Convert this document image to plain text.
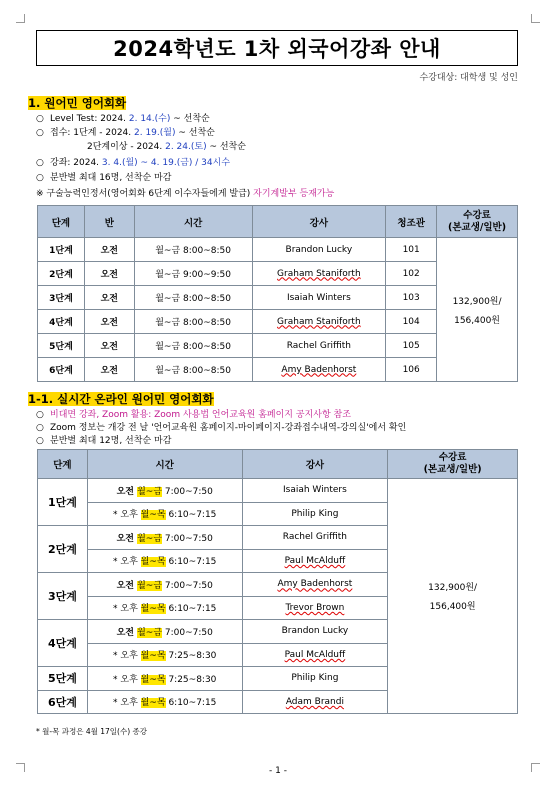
2024학년도 1차 외국어강좌 안내
수강대상: 대학생 및 성인
1. 원어민 영어회화
○ Level Test: 2024. 2. 14.(수) ~ 선착순
○ 접수: 1단계 - 2024. 2. 19.(월) ~ 선착순
2단계이상 - 2024. 2. 24.(토) ~ 선착순
○ 강좌: 2024. 3. 4.(월) ~ 4. 19.(금) / 34시수
○ 분반별 최대 16명, 선착순 마감
※ 구술능력인정서(영어회화 6단계 이수자들에게 발급) 자기계발부 등재가능
단계	반	시간	강사	청조관	수강료
(본교생/일반)
1단계	오전	월~금 8:00~8:50	Brandon Lucky	101	132,900원/
156,400원

2단계	오전	월~금 9:00~9:50	Graham Staniforth	102	
3단계	오전	월~금 8:00~8:50	Isaiah Winters	103	
4단계	오전	월~금 8:00~8:50	Graham Staniforth	104	
5단계	오전	월~금 8:00~8:50	Rachel Griffith	105	
6단계	오전	월~금 8:00~8:50	Amy Badenhorst	106	
1-1. 실시간 온라인 원어민 영어회화
○ 비대면 강좌, Zoom 활용: Zoom 사용법 언어교육원 홈페이지 공지사항 참조
○ Zoom 정보는 개강 전 날 '언어교육원 홈페이지-마이페이지-강좌접수내역-강의실'에서 확인
○ 분반별 최대 12명, 선착순 마감
단계	시간	강사	수강료
(본교생/일반)
1단계	오전 월~금 7:00~7:50	Isaiah Winters	132,900원/
156,400원

	* 오후 월~목 6:10~7:15	Philip King	
2단계	오전 월~금 7:00~7:50	Rachel Griffith	
	* 오후 월~목 6:10~7:15	Paul McAlduff	
3단계	오전 월~금 7:00~7:50	Amy Badenhorst	
	* 오후 월~목 6:10~7:15	Trevor Brown	
4단계	오전 월~금 7:00~7:50	Brandon Lucky	
	* 오후 월~목 7:25~8:30	Paul McAlduff	
5단계	* 오후 월~목 7:25~8:30	Philip King	
6단계	* 오후 월~목 6:10~7:15	Adam Brandi	
* 월-목 과정은 4월 17일(수) 종강
- 1 -
